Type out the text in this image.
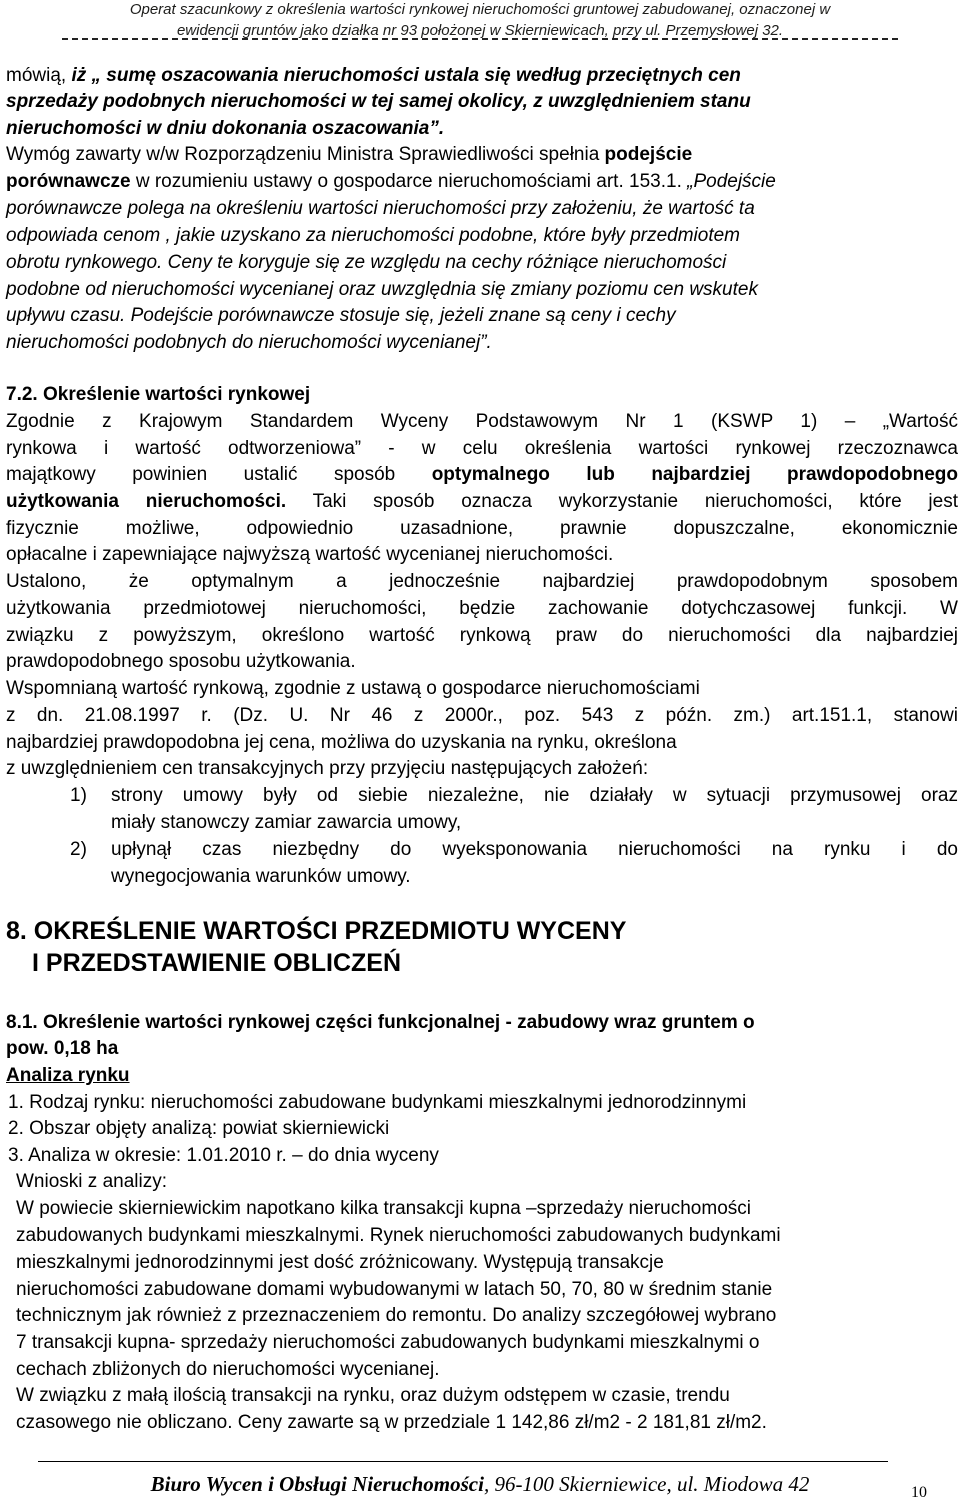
Operat szacunkowy z określenia wartości rynkowej nieruchomości gruntowej zabudowanej, oznaczonej w
ewidencji gruntów jako działka nr 93 położonej w Skierniewicach, przy ul. Przemysłowej 32.
mówią, iż „ sumę oszacowania nieruchomości ustala się według przeciętnych cen
sprzedaży podobnych nieruchomości w tej samej okolicy, z uwzględnieniem stanu
nieruchomości w dniu dokonania oszacowania”.
Wymóg zawarty w/w Rozporządzeniu Ministra Sprawiedliwości spełnia podejście
porównawcze w rozumieniu ustawy o gospodarce nieruchomościami art. 153.1. „Podejście
porównawcze polega na określeniu wartości nieruchomości przy założeniu, że wartość ta
odpowiada cenom , jakie uzyskano za nieruchomości podobne, które były przedmiotem
obrotu rynkowego. Ceny te koryguje się ze względu na cechy różniące nieruchomości
podobne od nieruchomości wycenianej oraz uwzględnia się zmiany poziomu cen wskutek
upływu czasu. Podejście porównawcze stosuje się, jeżeli znane są ceny i cechy
nieruchomości podobnych do nieruchomości wycenianej”.
7.2. Określenie wartości rynkowej
Zgodnie z Krajowym Standardem Wyceny Podstawowym Nr 1 (KSWP 1) – „Wartość
rynkowa i wartość odtworzeniowa” - w celu określenia wartości rynkowej rzeczoznawca
majątkowy powinien ustalić sposób optymalnego lub najbardziej prawdopodobnego
użytkowania nieruchomości. Taki sposób oznacza wykorzystanie nieruchomości, które jest
fizycznie możliwe, odpowiednio uzasadnione, prawnie dopuszczalne, ekonomicznie
opłacalne i zapewniające najwyższą wartość wycenianej nieruchomości.
Ustalono, że optymalnym a jednocześnie najbardziej prawdopodobnym sposobem
użytkowania przedmiotowej nieruchomości, będzie zachowanie dotychczasowej funkcji. W
związku z powyższym, określono wartość rynkową praw do nieruchomości dla najbardziej
prawdopodobnego sposobu użytkowania.
Wspomnianą wartość rynkową, zgodnie z ustawą o gospodarce nieruchomościami
z dn. 21.08.1997 r. (Dz. U. Nr 46 z 2000r., poz. 543 z późn. zm.) art.151.1, stanowi
najbardziej prawdopodobna jej cena, możliwa do uzyskania na rynku, określona
z uwzględnieniem cen transakcyjnych przy przyjęciu następujących założeń:
1) strony umowy były od siebie niezależne, nie działały w sytuacji przymusowej oraz
miały stanowczy zamiar zawarcia umowy,
2) upłynął czas niezbędny do wyeksponowania nieruchomości na rynku i do
wynegocjowania warunków umowy.
8. OKREŚLENIE WARTOŚCI PRZEDMIOTU WYCENY
I PRZEDSTAWIENIE OBLICZEŃ
8.1. Określenie wartości rynkowej części funkcjonalnej - zabudowy wraz gruntem o
pow. 0,18 ha
Analiza rynku
1. Rodzaj rynku: nieruchomości zabudowane budynkami mieszkalnymi jednorodzinnymi
2. Obszar objęty analizą: powiat skierniewicki
3. Analiza w okresie: 1.01.2010 r. – do dnia wyceny
Wnioski z analizy:
W powiecie skierniewickim napotkano kilka transakcji kupna –sprzedaży nieruchomości
zabudowanych budynkami mieszkalnymi. Rynek nieruchomości zabudowanych budynkami
mieszkalnymi jednorodzinnymi jest dość zróżnicowany. Występują transakcje
nieruchomości zabudowane domami wybudowanymi w latach 50, 70, 80 w średnim stanie
technicznym jak również z przeznaczeniem do remontu. Do analizy szczegółowej wybrano
7 transakcji kupna- sprzedaży nieruchomości zabudowanych budynkami mieszkalnymi o
cechach zbliżonych do nieruchomości wycenianej.
W związku z małą ilością transakcji na rynku, oraz dużym odstępem w czasie, trendu
czasowego nie obliczano. Ceny zawarte są w przedziale 1 142,86 zł/m2 - 2 181,81 zł/m2.
Biuro Wycen i Obsługi Nieruchomości, 96-100 Skierniewice, ul. Miodowa 42	10
